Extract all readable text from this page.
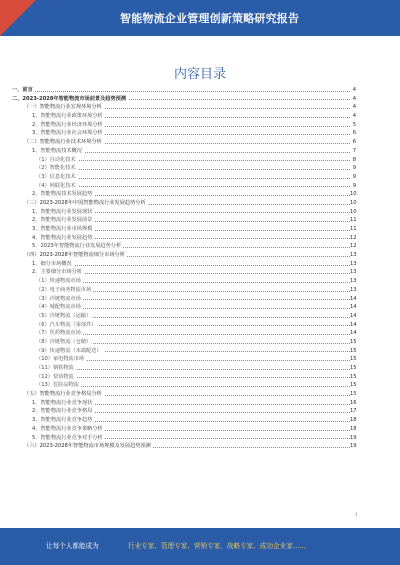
智能物流企业管理创新策略研究报告
内容目录
一、前言	4
二、2023-2028年智能物流市场前景及趋势预测	4
（一）智能物流行业宏观环境分析	4
1、智能物流行业政策环境分析	4
2、智能物流行业经济环境分析	5
3、智能物流行业社会环境分析	6
（二）智能物流行业技术环境分析	6
1、智能物流技术概况	7
（1）自动化技术	8
（2）智能化技术	9
（3）信息化技术	9
（4）网联化技术	9
2、智能物流技术发展趋势	10
（三）2023-2028年中国智能物流行业发展趋势分析	10
1、智能物流行业发展现状	10
2、智能物流行业发展前景	11
3、智能物流行业市场规模	11
4、智能物流行业发展趋势	12
5、2023年智能物流行业发展趋势分析	12
（四）2023-2028年智能物流细分市场分析	13
1、细分市场概况	13
2、主要细分市场分析	13
（1）快递物流市场	13
（2）电子商务物流市场	13
（3）冷链物流市场	14
（4）城配物流市场	14
（5）冷链物流（运输）	14
（6）汽车物流（零部件）	14
（7）医药物流市场	14
（8）冷链物流（仓储）	15
（9）快递物流（末端配送）	15
（10）家电物流市场	15
（11）钢铁物流	15
（12）快消物流	15
（13）危险品物流	15
（五）智能物流行业竞争格局分析	15
1、智能物流行业竞争现状	16
2、智能物流行业竞争格局	17
3、智能物流行业竞争趋势	18
4、智能物流行业竞争策略分析	18
5、智能物流行业竞争对手分析	19
（六）2023-2028年智能物流市场规模及发展趋势预测	19
1
让每个人都能成为	行业专家、管理专家、营销专家、战略专家、成功企业家……
